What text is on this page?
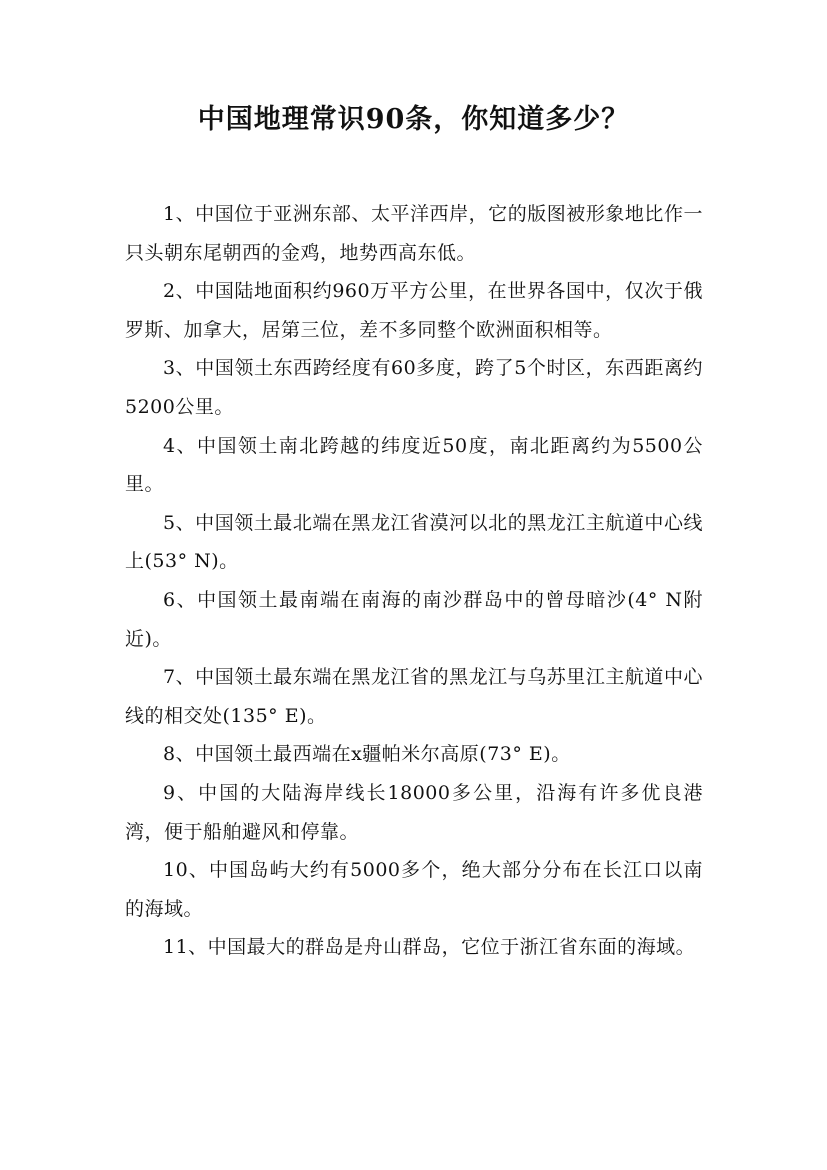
中国地理常识90条，你知道多少？

1、中国位于亚洲东部、太平洋西岸，它的版图被形象地比作一只头朝东尾朝西的金鸡，地势西高东低。

2、中国陆地面积约960万平方公里，在世界各国中，仅次于俄罗斯、加拿大，居第三位，差不多同整个欧洲面积相等。

3、中国领土东西跨经度有60多度，跨了5个时区，东西距离约5200公里。

4、中国领土南北跨越的纬度近50度，南北距离约为5500公里。

5、中国领土最北端在黑龙江省漠河以北的黑龙江主航道中心线上(53° N)。

6、中国领土最南端在南海的南沙群岛中的曾母暗沙(4° N附近)。

7、中国领土最东端在黑龙江省的黑龙江与乌苏里江主航道中心线的相交处(135° E)。

8、中国领土最西端在x疆帕米尔高原(73° E)。

9、中国的大陆海岸线长18000多公里，沿海有许多优良港湾，便于船舶避风和停靠。

10、中国岛屿大约有5000多个，绝大部分分布在长江口以南的海域。

11、中国最大的群岛是舟山群岛，它位于浙江省东面的海域。
